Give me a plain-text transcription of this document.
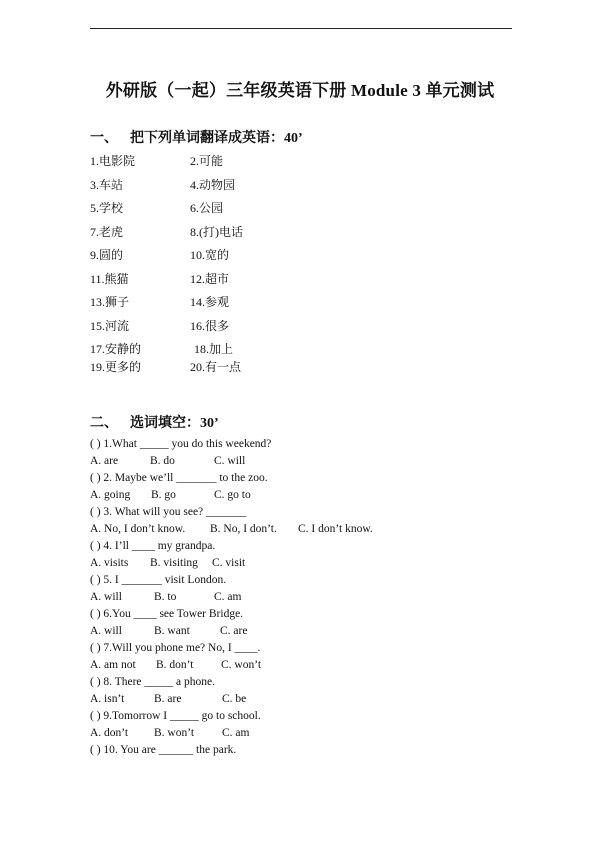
外研版（一起）三年级英语下册 Module 3 单元测试
一、 把下列单词翻译成英语：40’
1.电影院	2.可能
3.车站	4.动物园
5.学校	6.公园
7.老虎	8.(打)电话
9.圆的	10.宽的
11.熊猫	12.超市
13.狮子	14.参观
15.河流	16.很多
17.安静的	18.加上
19.更多的	20.有一点
二、 选词填空：30’
( ) 1.What _____ you do this weekend?
A. are	B. do	C. will
( ) 2. Maybe we’ll _______ to the zoo.
A. going B. go	C. go to
( ) 3. What will you see? _______
A. No, I don’t know. B. No, I don’t. C. I don’t know.
( ) 4. I’ll ____ my grandpa.
A. visits B. visiting C. visit
( ) 5. I _______ visit London.
A. will	B. to	C. am
( ) 6.You ____ see Tower Bridge.
A. will	B. want	C. are
( ) 7.Will you phone me? No, I ____.
A. am not B. don’t C. won’t
( ) 8. There _____ a phone.
A. isn’t	B. are	C. be
( ) 9.Tomorrow I _____ go to school.
A. don’t B. won’t C. am
( ) 10. You are ______ the park.
